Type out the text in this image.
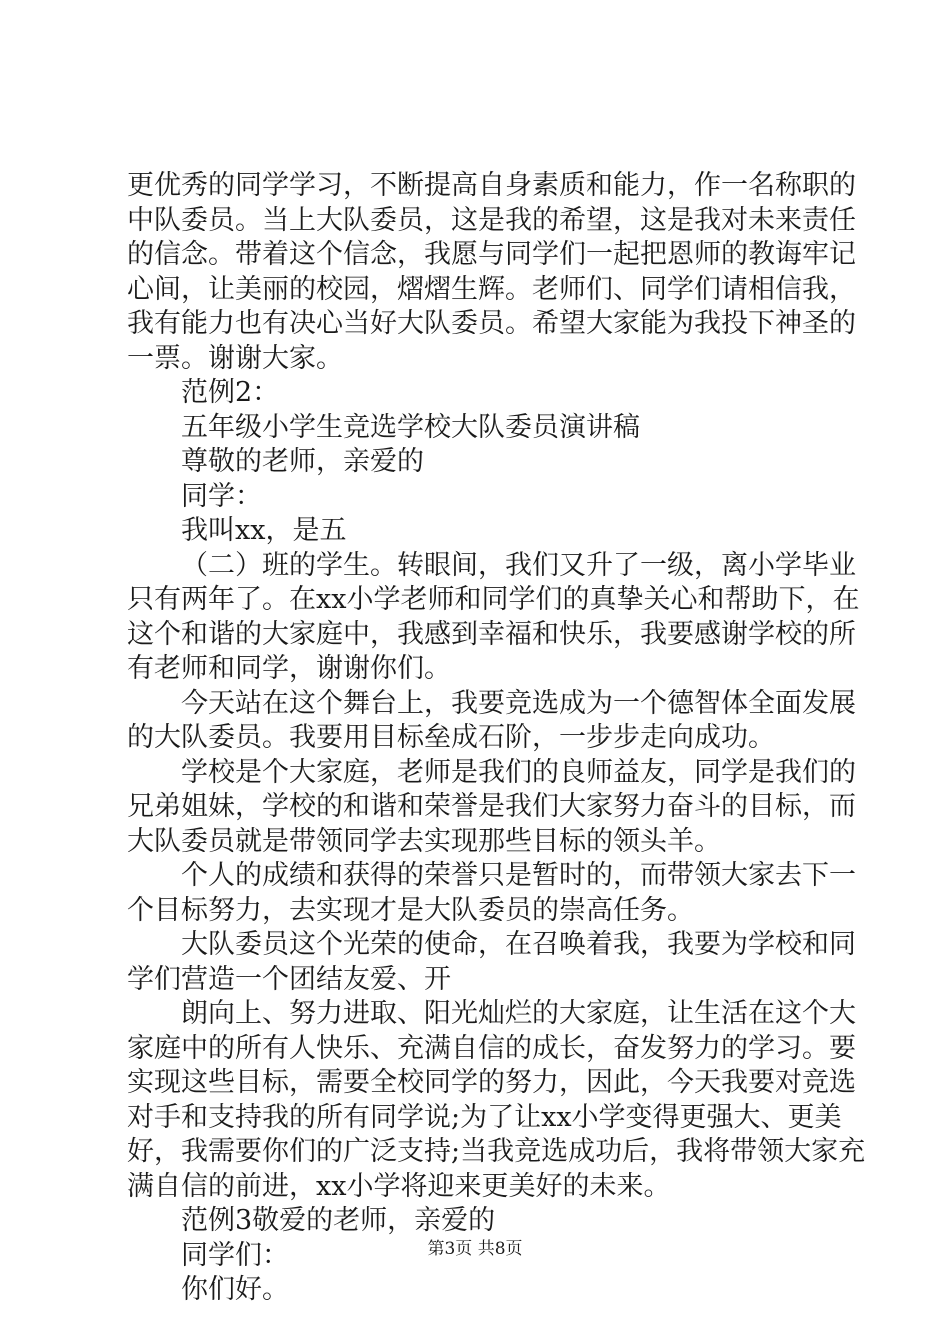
更优秀的同学学习，不断提高自身素质和能力，作一名称职的
中队委员。当上大队委员，这是我的希望，这是我对未来责任
的信念。带着这个信念，我愿与同学们一起把恩师的教诲牢记
心间，让美丽的校园，熠熠生辉。老师们、同学们请相信我，
我有能力也有决心当好大队委员。希望大家能为我投下神圣的
一票。谢谢大家。
范例2：
五年级小学生竞选学校大队委员演讲稿
尊敬的老师，亲爱的
同学：
我叫xx，是五
（二）班的学生。转眼间，我们又升了一级，离小学毕业
只有两年了。在xx小学老师和同学们的真挚关心和帮助下，在
这个和谐的大家庭中，我感到幸福和快乐，我要感谢学校的所
有老师和同学，谢谢你们。
今天站在这个舞台上，我要竞选成为一个德智体全面发展
的大队委员。我要用目标垒成石阶，一步步走向成功。
学校是个大家庭，老师是我们的良师益友，同学是我们的
兄弟姐妹，学校的和谐和荣誉是我们大家努力奋斗的目标，而
大队委员就是带领同学去实现那些目标的领头羊。
个人的成绩和获得的荣誉只是暂时的，而带领大家去下一
个目标努力，去实现才是大队委员的崇高任务。
大队委员这个光荣的使命，在召唤着我，我要为学校和同
学们营造一个团结友爱、开
朗向上、努力进取、阳光灿烂的大家庭，让生活在这个大
家庭中的所有人快乐、充满自信的成长，奋发努力的学习。要
实现这些目标，需要全校同学的努力，因此，今天我要对竞选
对手和支持我的所有同学说;为了让xx小学变得更强大、更美
好，我需要你们的广泛支持;当我竞选成功后，我将带领大家充
满自信的前进，xx小学将迎来更美好的未来。
范例3敬爱的老师，亲爱的
同学们：
你们好。
第3页 共8页
